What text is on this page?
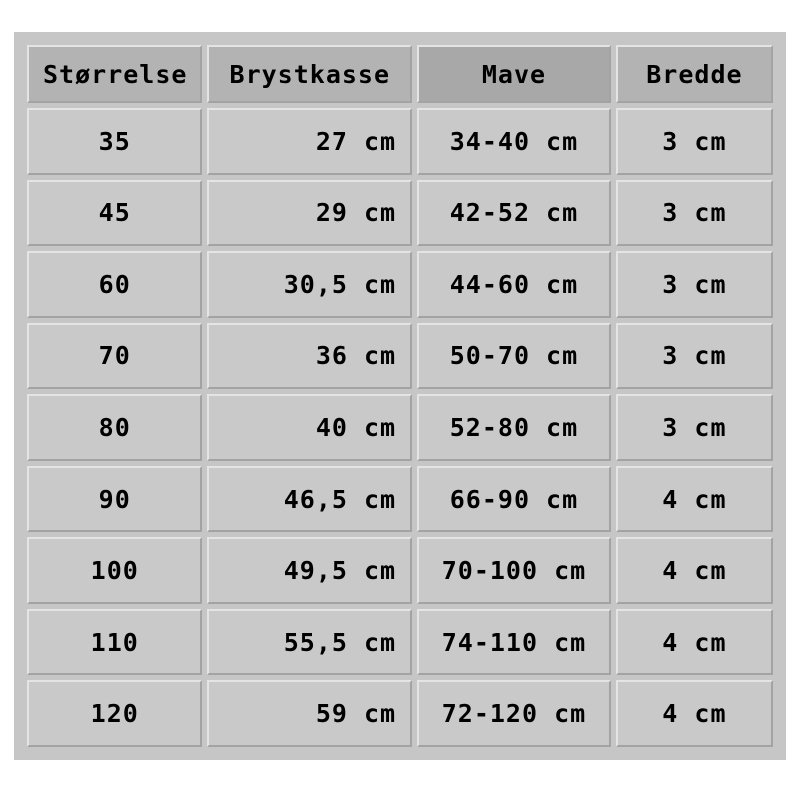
Størrelse	Brystkasse	Mave	Bredde
35	27 cm	34-40 cm	3 cm
45	29 cm	42-52 cm	3 cm
60	30,5 cm	44-60 cm	3 cm
70	36 cm	50-70 cm	3 cm
80	40 cm	52-80 cm	3 cm
90	46,5 cm	66-90 cm	4 cm
100	49,5 cm	70-100 cm	4 cm
110	55,5 cm	74-110 cm	4 cm
120	59 cm	72-120 cm	4 cm
